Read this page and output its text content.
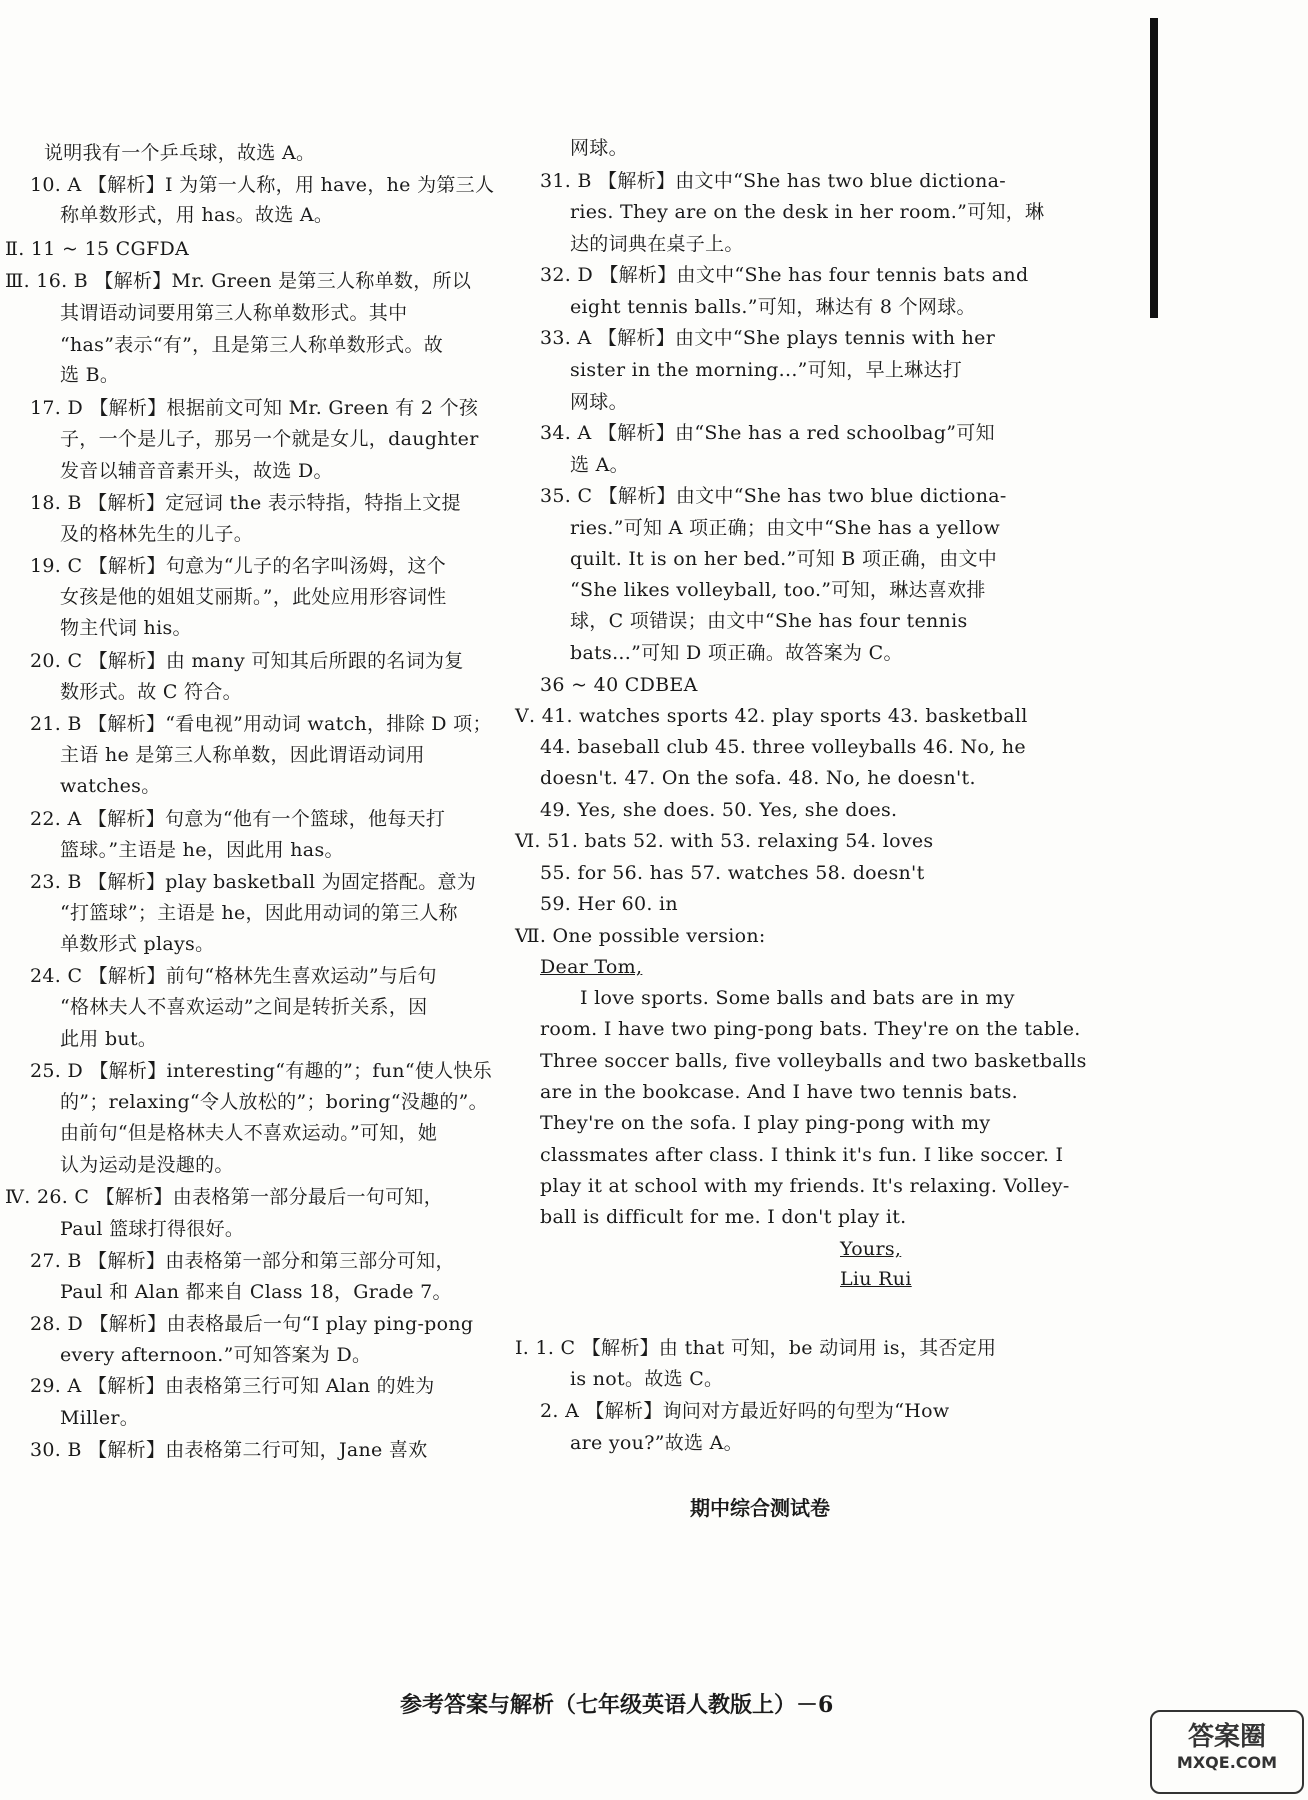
说明我有一个乒乓球，故选 A。
10. A 【解析】I 为第一人称，用 have，he 为第三人
称单数形式，用 has。故选 A。
Ⅱ. 11 ~ 15 CGFDA
Ⅲ. 16. B 【解析】Mr. Green 是第三人称单数，所以
其谓语动词要用第三人称单数形式。其中
“has”表示“有”，且是第三人称单数形式。故
选 B。
17. D 【解析】根据前文可知 Mr. Green 有 2 个孩
子，一个是儿子，那另一个就是女儿，daughter
发音以辅音音素开头，故选 D。
18. B 【解析】定冠词 the 表示特指，特指上文提
及的格林先生的儿子。
19. C 【解析】句意为“儿子的名字叫汤姆，这个
女孩是他的姐姐艾丽斯。”，此处应用形容词性
物主代词 his。
20. C 【解析】由 many 可知其后所跟的名词为复
数形式。故 C 符合。
21. B 【解析】“看电视”用动词 watch，排除 D 项；
主语 he 是第三人称单数，因此谓语动词用
watches。
22. A 【解析】句意为“他有一个篮球，他每天打
篮球。”主语是 he，因此用 has。
23. B 【解析】play basketball 为固定搭配。意为
“打篮球”；主语是 he，因此用动词的第三人称
单数形式 plays。
24. C 【解析】前句“格林先生喜欢运动”与后句
“格林夫人不喜欢运动”之间是转折关系，因
此用 but。
25. D 【解析】interesting“有趣的”；fun“使人快乐
的”；relaxing“令人放松的”；boring“没趣的”。
由前句“但是格林夫人不喜欢运动。”可知，她
认为运动是没趣的。
Ⅳ. 26. C 【解析】由表格第一部分最后一句可知，
Paul 篮球打得很好。
27. B 【解析】由表格第一部分和第三部分可知，
Paul 和 Alan 都来自 Class 18，Grade 7。
28. D 【解析】由表格最后一句“I play ping-pong
every afternoon.”可知答案为 D。
29. A 【解析】由表格第三行可知 Alan 的姓为
Miller。
30. B 【解析】由表格第二行可知，Jane 喜欢
网球。
31. B 【解析】由文中“She has two blue dictiona-
ries. They are on the desk in her room.”可知，琳
达的词典在桌子上。
32. D 【解析】由文中“She has four tennis bats and
eight tennis balls.”可知，琳达有 8 个网球。
33. A 【解析】由文中“She plays tennis with her
sister in the morning...”可知，早上琳达打
网球。
34. A 【解析】由“She has a red schoolbag”可知
选 A。
35. C 【解析】由文中“She has two blue dictiona-
ries.”可知 A 项正确；由文中“She has a yellow
quilt. It is on her bed.”可知 B 项正确，由文中
“She likes volleyball, too.”可知，琳达喜欢排
球，C 项错误；由文中“She has four tennis
bats...”可知 D 项正确。故答案为 C。
36 ~ 40 CDBEA
Ⅴ. 41. watches sports 42. play sports 43. basketball
44. baseball club 45. three volleyballs 46. No, he
doesn't. 47. On the sofa. 48. No, he doesn't.
49. Yes, she does. 50. Yes, she does.
Ⅵ. 51. bats 52. with 53. relaxing 54. loves
55. for 56. has 57. watches 58. doesn't
59. Her 60. in
Ⅶ. One possible version:
Dear Tom,
I love sports. Some balls and bats are in my
room. I have two ping-pong bats. They're on the table.
Three soccer balls, five volleyballs and two basketballs
are in the bookcase. And I have two tennis bats.
They're on the sofa. I play ping-pong with my
classmates after class. I think it's fun. I like soccer. I
play it at school with my friends. It's relaxing. Volley-
ball is difficult for me. I don't play it.
Yours,
Liu Rui
Ⅰ. 1. C 【解析】由 that 可知，be 动词用 is，其否定用
is not。故选 C。
2. A 【解析】询问对方最近好吗的句型为“How
are you?”故选 A。
期中综合测试卷
参考答案与解析（七年级英语人教版上）－6
答案圈
MXQE.COM
